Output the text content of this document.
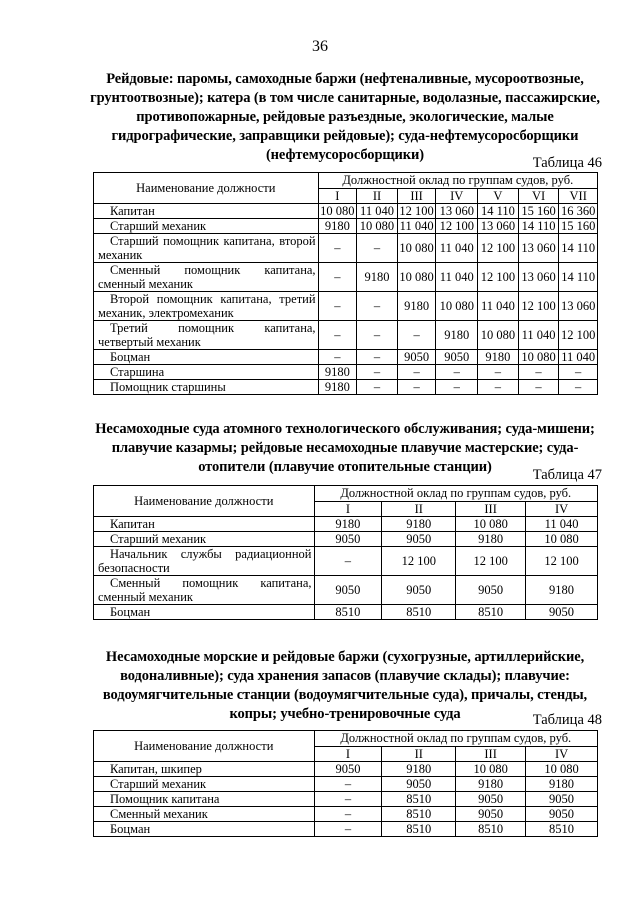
36
Рейдовые: паромы, самоходные баржи (нефтеналивные, мусороотвозные, грунтоотвозные); катера (в том числе санитарные, водолазные, пассажирские, противопожарные, рейдовые разъездные, экологические, малые гидрографические, заправщики рейдовые); суда-нефтемусоросборщики (нефтемусоросборщики)	Таблица 46
Наименование должности	Должностной оклад по группам судов, руб.						
	I	II	III	IV	V	VI	VII
Капитан	10 080	11 040	12 100	13 060	14 110	15 160	16 360
Старший механик	9180	10 080	11 040	12 100	13 060	14 110	15 160
Старший помощник капитана, второй механик	–	–	10 080	11 040	12 100	13 060	14 110
Сменный помощник капитана, сменный механик	–	9180	10 080	11 040	12 100	13 060	14 110
Второй помощник капитана, третий механик, электромеханик	–	–	9180	10 080	11 040	12 100	13 060
Третий помощник капитана, четвертый механик	–	–	–	9180	10 080	11 040	12 100
Боцман	–	–	9050	9050	9180	10 080	11 040
Старшина	9180	–	–	–	–	–	–
Помощник старшины	9180	–	–	–	–	–	–
Несамоходные суда атомного технологического обслуживания; суда-мишени; плавучие казармы; рейдовые несамоходные плавучие мастерские; суда-отопители (плавучие отопительные станции)	Таблица 47
Наименование должности	Должностной оклад по группам судов, руб.			
	I	II	III	IV
Капитан	9180	9180	10 080	11 040
Старший механик	9050	9050	9180	10 080
Начальник службы радиационной безопасности	–	12 100	12 100	12 100
Сменный помощник капитана, сменный механик	9050	9050	9050	9180
Боцман	8510	8510	8510	9050
Несамоходные морские и рейдовые баржи (сухогрузные, артиллерийские, водоналивные); суда хранения запасов (плавучие склады); плавучие: водоумягчительные станции (водоумягчительные суда), причалы, стенды, копры; учебно-тренировочные суда	Таблица 48
Наименование должности	Должностной оклад по группам судов, руб.			
	I	II	III	IV
Капитан, шкипер	9050	9180	10 080	10 080
Старший механик	–	9050	9180	9180
Помощник капитана	–	8510	9050	9050
Сменный механик	–	8510	9050	9050
Боцман	–	8510	8510	8510
